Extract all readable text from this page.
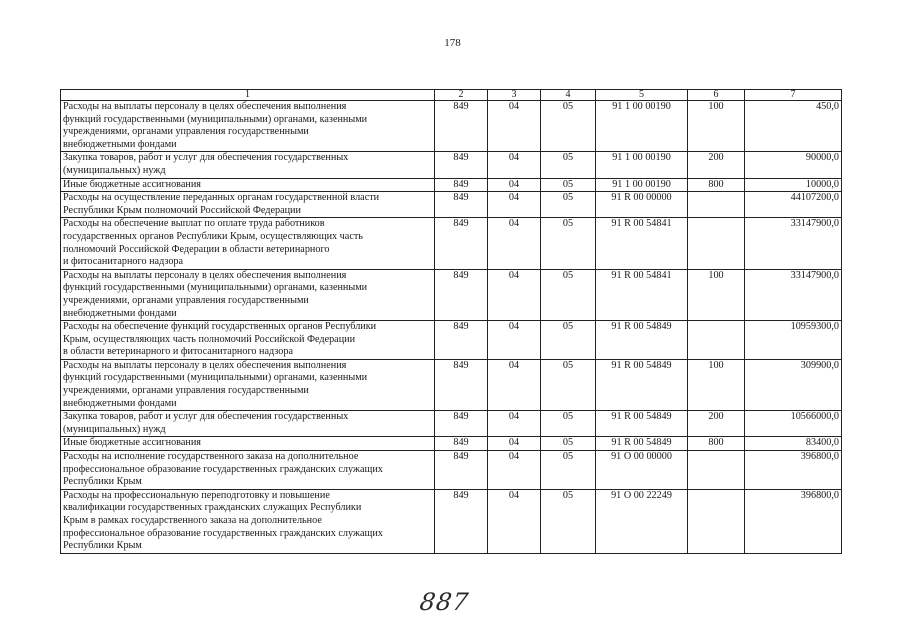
178
1	2	3	4	5	6	7
Расходы на выплаты персоналу в целях обеспечения выполнения
функций государственными (муниципальными) органами, казенными
учреждениями, органами управления государственными
внебюджетными фондами	849	04	05	91 1 00 00190	100	450,0
Закупка товаров, работ и услуг для обеспечения государственных
(муниципальных) нужд	849	04	05	91 1 00 00190	200	90000,0
Иные бюджетные ассигнования	849	04	05	91 1 00 00190	800	10000,0
Расходы на осуществление переданных органам государственной власти
Республики Крым полномочий Российской Федерации	849	04	05	91 R 00 00000		44107200,0
Расходы на обеспечение выплат по оплате труда работников
государственных органов Республики Крым, осуществляющих часть
полномочий Российской Федерации в области ветеринарного
и фитосанитарного надзора	849	04	05	91 R 00 54841		33147900,0
Расходы на выплаты персоналу в целях обеспечения выполнения
функций государственными (муниципальными) органами, казенными
учреждениями, органами управления государственными
внебюджетными фондами	849	04	05	91 R 00 54841	100	33147900,0
Расходы на обеспечение функций государственных органов Республики
Крым, осуществляющих часть полномочий Российской Федерации
в области ветеринарного и фитосанитарного надзора	849	04	05	91 R 00 54849		10959300,0
Расходы на выплаты персоналу в целях обеспечения выполнения
функций государственными (муниципальными) органами, казенными
учреждениями, органами управления государственными
внебюджетными фондами	849	04	05	91 R 00 54849	100	309900,0
Закупка товаров, работ и услуг для обеспечения государственных
(муниципальных) нужд	849	04	05	91 R 00 54849	200	10566000,0
Иные бюджетные ассигнования	849	04	05	91 R 00 54849	800	83400,0
Расходы на исполнение государственного заказа на дополнительное
профессиональное образование государственных гражданских служащих
Республики Крым	849	04	05	91 О 00 00000		396800,0
Расходы на профессиональную переподготовку и повышение
квалификации государственных гражданских служащих Республики
Крым в рамках государственного заказа на дополнительное
профессиональное образование государственных гражданских служащих
Республики Крым	849	04	05	91 О 00 22249		396800,0
887
